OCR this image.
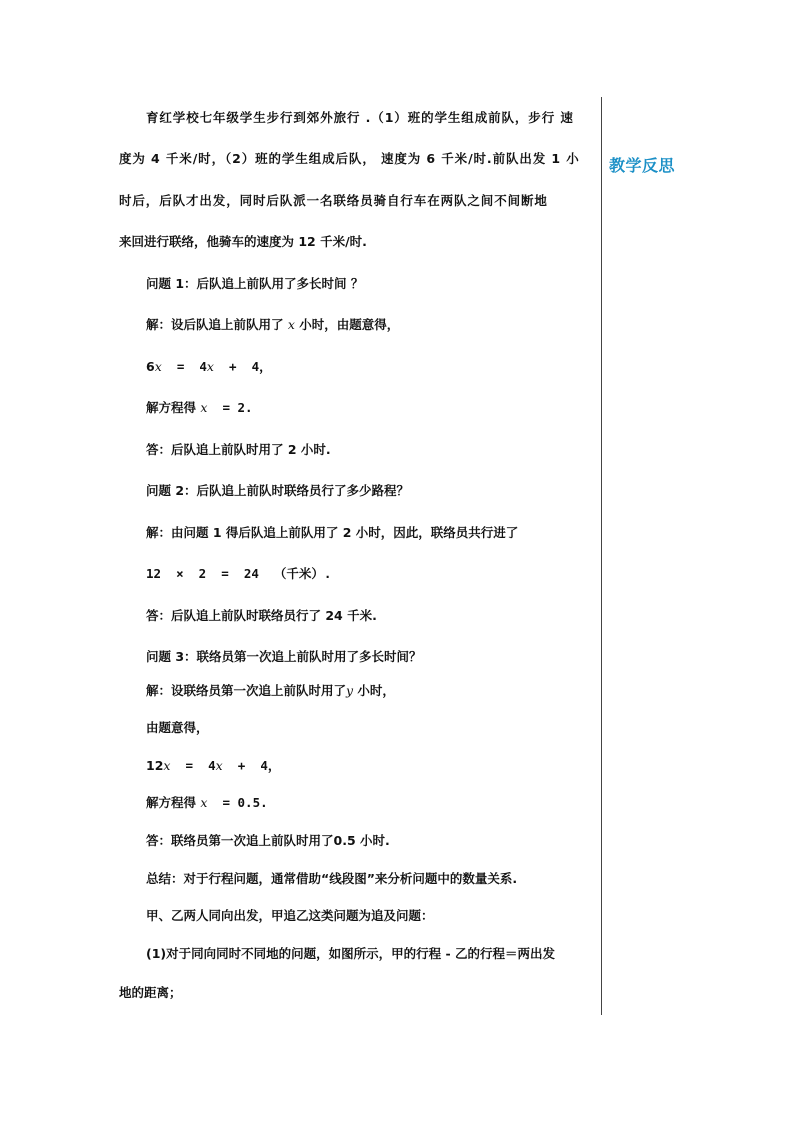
教学反思
育红学校七年级学生步行到郊外旅行 .（1）班的学生组成前队，步行 速
度为 4 千米/时，（2）班的学生组成后队， 速度为 6 千米/时.前队出发 1 小
时后，后队才出发，同时后队派一名联络员骑自行车在两队之间不间断地
来回进行联络，他骑车的速度为 12 千米/时.
问题 1：后队追上前队用了多长时间 ？
解：设后队追上前队用了 x 小时，由题意得，
6x  =  4x  +  4，
解方程得 x  = 2.
答：后队追上前队时用了 2 小时.
问题 2：后队追上前队时联络员行了多少路程？
解：由问题 1 得后队追上前队用了 2 小时，因此，联络员共行进了
12  ×  2  =  24  （千米）.
答：后队追上前队时联络员行了 24 千米.
问题 3：联络员第一次追上前队时用了多长时间？
解：设联络员第一次追上前队时用了y 小时，
由题意得，
12x  =  4x  +  4，
解方程得 x  = 0.5.
答：联络员第一次追上前队时用了0.5 小时.
总结：对于行程问题，通常借助“线段图”来分析问题中的数量关系.
甲、乙两人同向出发，甲追乙这类问题为追及问题：
(1)对于同向同时不同地的问题，如图所示，甲的行程 - 乙的行程＝两出发
地的距离；
